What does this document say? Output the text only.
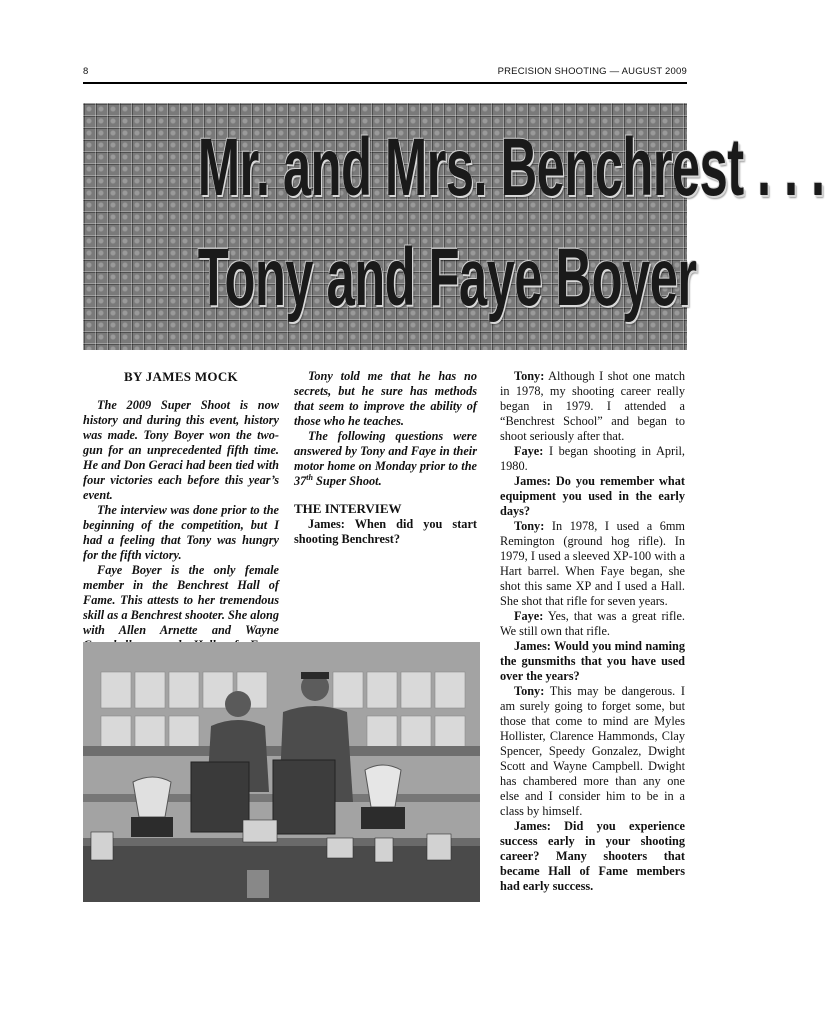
8	PRECISION SHOOTING — AUGUST 2009
Mr. and Mrs. Benchrest . . .
Tony and Faye Boyer

BY JAMES MOCK

The 2009 Super Shoot is now history and during this event, history was made. Tony Boyer won the two-gun for an unprecedented fifth time. He and Don Geraci had been tied with four victories each before this year’s event.

The interview was done prior to the beginning of the competition, but I had a feeling that Tony was hungry for the fifth victory.

Faye Boyer is the only female member in the Benchrest Hall of Fame. This attests to her tremendous skill as a Benchrest shooter. She along with Allen Arnette and Wayne

Tony told me that he has no secrets, but he sure has methods that seem to improve the ability of those who he teaches.

The following questions were answered by Tony and Faye in their motor home on Monday prior to the 37th Super Shoot.

THE INTERVIEW

James: When did you start shooting Benchrest?

Tony: Although I shot one match in 1978, my shooting career really began in 1979. I attended a “Benchrest School” and began to shoot seriously after that.

Faye: I began shooting in April, 1980.

James: Do you remember what equipment you used in the early days?

Tony: In 1978, I used a 6mm Remington (ground hog rifle). In 1979, I used a sleeved XP-100 with a Hart barrel. When Faye began, she shot this same XP and I used a Hall. She shot that rifle for seven years.

Faye: Yes, that was a great rifle. We still own that rifle.

James: Would you mind naming the gunsmiths that you have used over the years?

Tony: This may be dangerous. I am surely going to forget some, but those that come to mind are Myles Hollister, Clarence Hammonds, Clay Spencer, Speedy Gonzalez, Dwight Scott and Wayne Campbell. Dwight has chambered more than any one else and I consider him to be in a class by himself.

James: Did you experience success early in your shooting career? Many shooters that became Hall of Fame members had early success.
